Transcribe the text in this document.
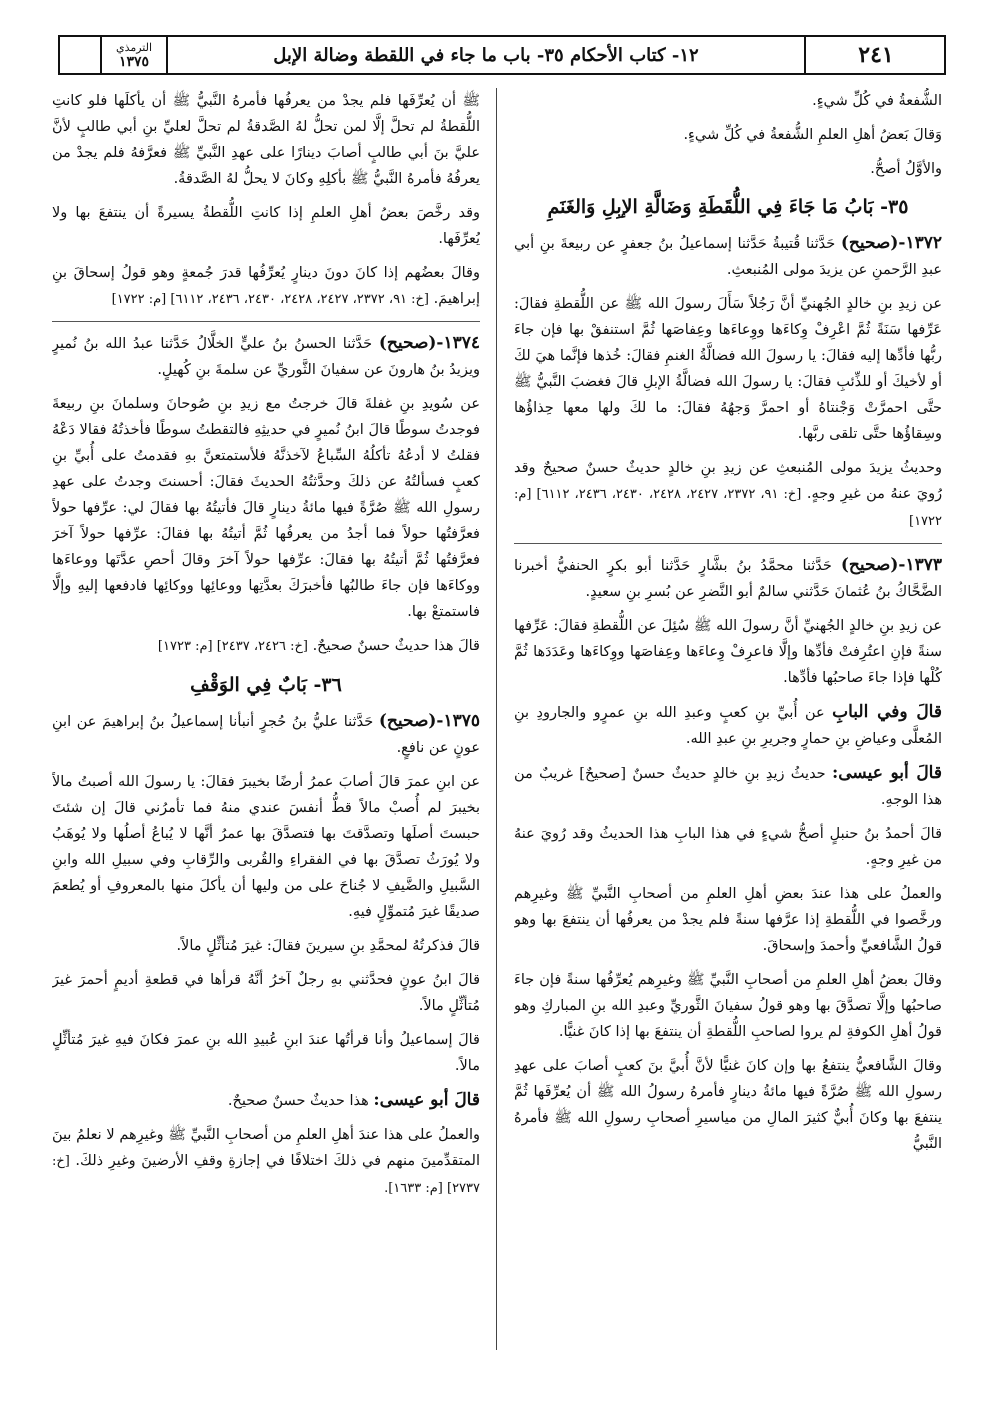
٢٤١
١٢- كتاب الأحكام ٣٥- باب ما جاء في اللقطة وضالة الإبل
الترمذي
١٣٧٥

الشُّفعةُ في كُلِّ شيءٍ.

وَقالَ بَعضُ أهلِ العلمِ الشُّفعةُ في كُلِّ شيءٍ.

والأوَّلُ أصحُّ.

٣٥- بَابُ مَا جَاءَ فِي اللُّقَطَةِ وَضَالَّةِ الإبِلِ وَالغَنَمِ

١٣٧٢-(صحيح) حَدَّثنا قُتيبةُ حَدَّثنا إسماعيلُ بنُ جعفرٍ عن ربيعةَ بنِ أبي عبدِ الرَّحمنِ عن يزيدَ مولى المُنبعثِ.

عن زيدِ بنِ خالدٍ الجُهنيِّ أنَّ رَجُلاً سَأَلَ رسولَ الله ﷺ عن اللُّقطةِ فقالَ: عَرِّفها سَنَةً ثُمَّ اعْرِفْ وِكاءَها ووِعاءَها وعِفاصَها ثُمَّ استنفقْ بها فإن جاءَ ربُّها فأدِّها إليه فقالَ: يا رسولَ الله فضالَّةُ الغنمِ فقالَ: خُذها فإنَّما هيَ لكَ أو لأخيكَ أو للذِّئبِ فقالَ: يا رسولَ الله فضالَّةُ الإبلِ قالَ فغضبَ النَّبيُّ ﷺ حتَّى احمرَّتْ وَجْنتاهُ أو احمرَّ وَجهُهُ فقالَ: ما لكَ ولها معها حِذاؤُها وسِقاؤُها حتَّى تلقى ربَّها.

وحديثُ يزيدَ مولى المُنبعثِ عن زيدِ بنِ خالدٍ حديثٌ حسنٌ صحيحٌ وقد رُويَ عنهُ من غيرِ وجهٍ. [خ: ٩١، ٢٣٧٢، ٢٤٢٧، ٢٤٢٨، ٢٤٣٠، ٢٤٣٦، ٦١١٢] [م: ١٧٢٢]

١٣٧٣-(صحيح) حَدَّثنا محمَّدُ بنُ بشَّارٍ حَدَّثنا أبو بكرٍ الحنفيُّ أخبرنا الضَّحَّاكُ بنُ عُثمانَ حَدَّثني سالمٌ أبو النَّضرِ عن بُسرِ بنِ سعيدٍ.

عن زيدِ بنِ خالدٍ الجُهنيِّ أنَّ رسولَ الله ﷺ سُئِلَ عن اللُّقطةِ فقالَ: عَرِّفها سنةً فإنِ اعتُرِفتْ فأدِّها وإلَّا فاعرِفْ وِعاءَها وعِفاصَها ووِكاءَها وعَدَدَها ثُمَّ كُلْها فإذا جاءَ صاحبُها فأدِّها.

قالَ وفي البابِ عن أُبيِّ بنِ كعبٍ وعبدِ الله بنِ عمرٍو والجارودِ بنِ المُعلَّى وعياضِ بنِ حمارٍ وجريرِ بنِ عبدِ الله.

قالَ أبو عيسى: حديثُ زيدِ بنِ خالدٍ حديثٌ حسنٌ [صحيحٌ] غريبٌ من هذا الوجهِ.

قالَ أحمدُ بنُ حنبلٍ أصحُّ شيءٍ في هذا البابِ هذا الحديثُ وقد رُويَ عنهُ من غيرِ وجهٍ.

والعملُ على هذا عندَ بعضِ أهلِ العلمِ من أصحابِ النَّبيِّ ﷺ وغيرِهم ورخَّصوا في اللُّقطةِ إذا عرَّفها سنةً فلم يجدْ من يعرفُها أن ينتفعَ بها وهو قولُ الشَّافعيِّ وأحمدَ وإسحاقَ.

وقالَ بعضُ أهلِ العلمِ من أصحابِ النَّبيِّ ﷺ وغيرِهم يُعرِّفُها سنةً فإن جاءَ صاحبُها وإلَّا تصدَّقَ بها وهو قولُ سفيانَ الثَّوريِّ وعبدِ الله بنِ المباركِ وهو قولُ أهلِ الكوفةِ لم يروا لصاحبِ اللُّقطةِ أن ينتفعَ بها إذا كانَ غنيًّا.

وقالَ الشَّافعيُّ ينتفعُ بها وإن كانَ غنيًّا لأنَّ أُبيَّ بنَ كعبٍ أصابَ على عهدِ رسولِ الله ﷺ صُرَّةً فيها مائةُ دينارٍ فأمرهُ رسولُ الله ﷺ أن يُعرِّفَها ثُمَّ ينتفعَ بها وكانَ أُبيٌّ كثيرَ المالِ من مياسيرِ أصحابِ رسولِ الله ﷺ فأمرهُ النَّبيُّ

ﷺ أن يُعرِّفَها فلم يجدْ من يعرفُها فأمرهُ النَّبيُّ ﷺ أن يأكلَها فلو كانتِ اللُّقطةُ لم تحلَّ إلَّا لمن تحلُّ لهُ الصَّدقةُ لم تحلَّ لعليِّ بنِ أبي طالبٍ لأنَّ عليَّ بنَ أبي طالبٍ أصابَ دينارًا على عهدِ النَّبيِّ ﷺ فعرَّفهُ فلم يجدْ من يعرفُهُ فأمرهُ النَّبيُّ ﷺ بأكلِهِ وكانَ لا يحلُّ لهُ الصَّدقةُ.

وقد رخَّصَ بعضُ أهلِ العلمِ إذا كانتِ اللُّقطةُ يسيرةً أن ينتفعَ بها ولا يُعرِّفَها.

وقالَ بعضُهم إذا كانَ دونَ دينارٍ يُعرِّفُها قدرَ جُمعةٍ وهو قولُ إسحاقَ بنِ إبراهيمَ. [خ: ٩١، ٢٣٧٢، ٢٤٢٧، ٢٤٢٨، ٢٤٣٠، ٢٤٣٦، ٦١١٢] [م: ١٧٢٢]

١٣٧٤-(صحيح) حَدَّثنا الحسنُ بنُ عليٍّ الخلَّالُ حَدَّثنا عبدُ الله بنُ نُميرٍ ويزيدُ بنُ هارونَ عن سفيانَ الثَّوريِّ عن سلمةَ بنِ كُهيلٍ.

عن سُويدِ بنِ غفلةَ قالَ خرجتُ مع زيدِ بنِ صُوحانَ وسلمانَ بنِ ربيعةَ فوجدتُ سوطًا قالَ ابنُ نُميرٍ في حديثِهِ فالتقطتُ سوطًا فأخذتُهُ فقالا دَعْهُ فقلتُ لا أدعُهُ تأكلُهُ السِّباعُ لآخذنَّهُ فلأستمتعنَّ بهِ فقدمتُ على أُبيِّ بنِ كعبٍ فسألتُهُ عن ذلكَ وحدَّثتُهُ الحديثَ فقالَ: أحسنتَ وجدتُ على عهدِ رسولِ الله ﷺ صُرَّةً فيها مائةُ دينارٍ قالَ فأتيتُهُ بها فقالَ لي: عرِّفها حولاً فعرَّفتُها حولاً فما أجدُ من يعرفُها ثُمَّ أتيتُهُ بها فقالَ: عرِّفها حولاً آخرَ فعرَّفتُها ثُمَّ أتيتُهُ بها فقالَ: عرِّفها حولاً آخرَ وقالَ أحصِ عدَّتَها ووعاءَها ووكاءَها فإن جاءَ طالبُها فأخبرَكَ بعدَّتِها ووعائِها ووكائِها فادفعها إليهِ وإلَّا فاستمتعْ بها.

قالَ هذا حديثٌ حسنٌ صحيحٌ. [خ: ٢٤٢٦، ٢٤٣٧] [م: ١٧٢٣]

٣٦- بَابٌ فِي الوَقْفِ

١٣٧٥-(صحيح) حَدَّثنا عليُّ بنُ حُجرٍ أنبأنا إسماعيلُ بنُ إبراهيمَ عن ابنِ عونٍ عن نافعٍ.

عن ابنِ عمرَ قالَ أصابَ عمرُ أرضًا بخيبرَ فقالَ: يا رسولَ الله أصبتُ مالاً بخيبرَ لم أُصبْ مالاً قطُّ أنفسَ عندي منهُ فما تأمرُني قالَ إن شئتَ حبستَ أصلَها وتصدَّقتَ بها فتصدَّقَ بها عمرُ أنَّها لا يُباعُ أصلُها ولا يُوهَبُ ولا يُورَثُ تصدَّقَ بها في الفقراءِ والقُربى والرِّقابِ وفي سبيلِ الله وابنِ السَّبيلِ والضَّيفِ لا جُناحَ على من وليها أن يأكلَ منها بالمعروفِ أو يُطعمَ صديقًا غيرَ مُتموِّلٍ فيهِ.

قالَ فذكرتُهُ لمحمَّدِ بنِ سيرينَ فقالَ: غيرَ مُتأثِّلٍ مالاً.

قالَ ابنُ عونٍ فحدَّثني بهِ رجلٌ آخرُ أنَّهُ قرأها في قطعةِ أديمٍ أحمرَ غيرَ مُتأثِّلٍ مالاً.

قالَ إسماعيلُ وأنا قرأتُها عندَ ابنِ عُبيدِ الله بنِ عمرَ فكانَ فيهِ غيرَ مُتأثِّلٍ مالاً.

قالَ أبو عيسى: هذا حديثٌ حسنٌ صحيحٌ.

والعملُ على هذا عندَ أهلِ العلمِ من أصحابِ النَّبيِّ ﷺ وغيرِهم لا نعلمُ بينَ المتقدِّمينَ منهم في ذلكَ اختلافًا في إجازةِ وقفِ الأرضينَ وغيرِ ذلكَ. [خ: ٢٧٣٧] [م: ١٦٣٣].
